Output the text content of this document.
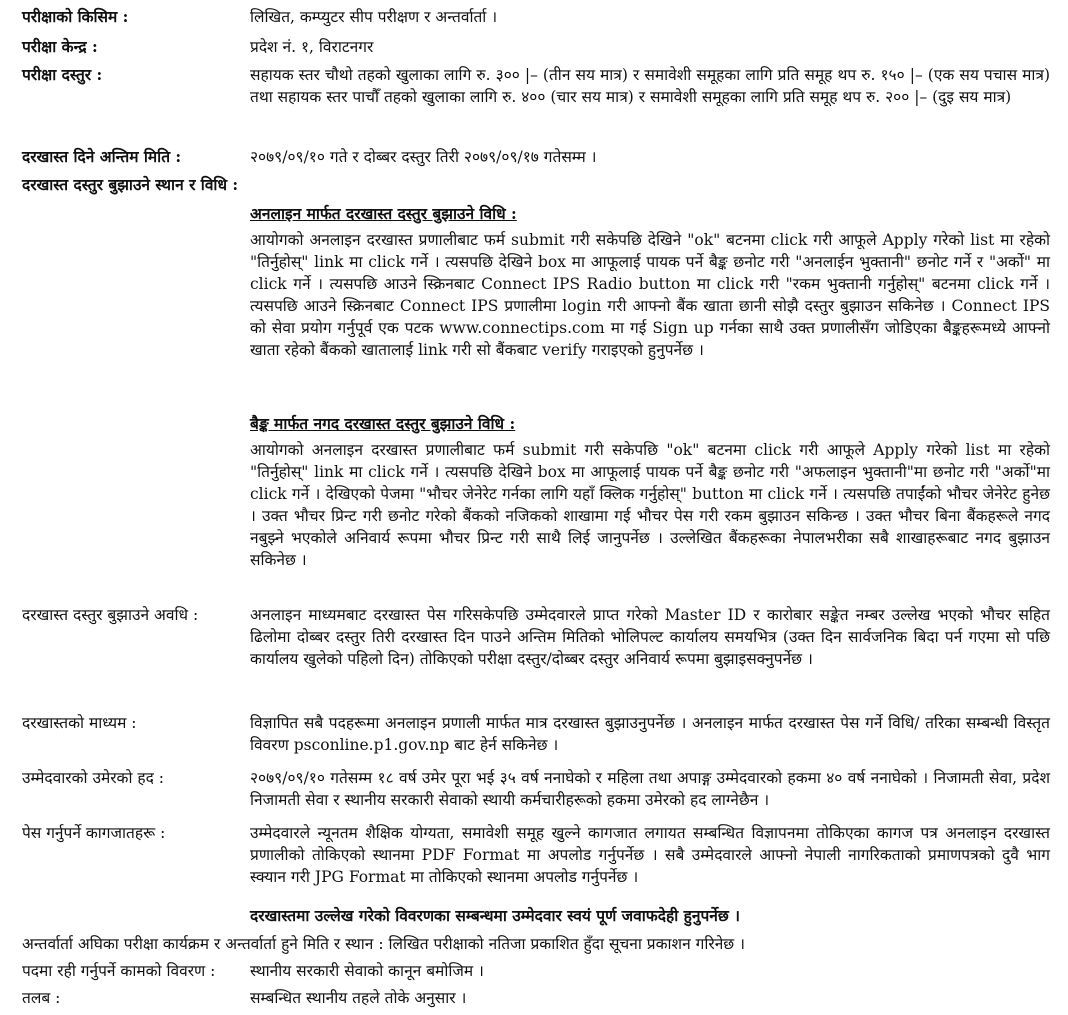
परीक्षाको किसिम :	लिखित, कम्प्युटर सीप परीक्षण र अन्तर्वार्ता ।
परीक्षा केन्द्र :	प्रदेश नं. १, विराटनगर
परीक्षा दस्तुर :	सहायक स्तर चौथो तहको खुलाका लागि रु. ३०० |– (तीन सय मात्र) र समावेशी समूहका लागि प्रति समूह थप रु. १५० |– (एक सय पचास मात्र) तथा सहायक स्तर पाचौँ तहको खुलाका लागि रु. ४०० (चार सय मात्र) र समावेशी समूहका लागि प्रति समूह थप रु. २०० |– (दुइ सय मात्र)
दरखास्त दिने अन्तिम मिति :	२०७९/०९/१० गते र दोब्बर दस्तुर तिरी २०७९/०९/१७ गतेसम्म ।
दरखास्त दस्तुर बुझाउने स्थान र विधि :
अनलाइन मार्फत दरखास्त दस्तुर बुझाउने विधि :
आयोगको अनलाइन दरखास्त प्रणालीबाट फर्म submit गरी सकेपछि देखिने "ok" बटनमा click गरी आफूले Apply गरेको list मा रहेको "तिर्नुहोस्" link मा click गर्ने । त्यसपछि देखिने box मा आफूलाई पायक पर्ने बैङ्क छनोट गरी "अनलाईन भुक्तानी" छनोट गर्ने र "अर्को" मा click गर्ने । त्यसपछि आउने स्क्रिनबाट Connect IPS Radio button मा click गरी "रकम भुक्तानी गर्नुहोस्" बटनमा click गर्ने । त्यसपछि आउने स्क्रिनबाट Connect IPS प्रणालीमा login गरी आफ्नो बैंक खाता छानी सोझै दस्तुर बुझाउन सकिनेछ । Connect IPS को सेवा प्रयोग गर्नुपूर्व एक पटक www.connectips.com मा गई Sign up गर्नका साथै उक्त प्रणालीसँग जोडिएका बैङ्कहरूमध्ये आफ्नो खाता रहेको बैंकको खातालाई link गरी सो बैंकबाट verify गराइएको हुनुपर्नेछ ।
बैङ्क मार्फत नगद दरखास्त दस्तुर बुझाउने विधि :
आयोगको अनलाइन दरखास्त प्रणालीबाट फर्म submit गरी सकेपछि "ok" बटनमा click गरी आफूले Apply गरेको list मा रहेको "तिर्नुहोस्" link मा click गर्ने । त्यसपछि देखिने box मा आफूलाई पायक पर्ने बैङ्क छनोट गरी "अफलाइन भुक्तानी"मा छनोट गरी "अर्को"मा click गर्ने । देखिएको पेजमा "भौचर जेनेरेट गर्नका लागि यहाँ क्लिक गर्नुहोस्" button मा click गर्ने । त्यसपछि तपाईंको भौचर जेनेरेट हुनेछ । उक्त भौचर प्रिन्ट गरी छनोट गरेको बैंकको नजिकको शाखामा गई भौचर पेस गरी रकम बुझाउन सकिन्छ । उक्त भौचर बिना बैंकहरूले नगद नबुझ्ने भएकोले अनिवार्य रूपमा भौचर प्रिन्ट गरी साथै लिई जानुपर्नेछ । उल्लेखित बैंकहरूका नेपालभरीका सबै शाखाहरूबाट नगद बुझाउन सकिनेछ ।
दरखास्त दस्तुर बुझाउने अवधि :	अनलाइन माध्यमबाट दरखास्त पेस गरिसकेपछि उम्मेदवारले प्राप्त गरेको Master ID र कारोबार सङ्केत नम्बर उल्लेख भएको भौचर सहित ढिलोमा दोब्बर दस्तुर तिरी दरखास्त दिन पाउने अन्तिम मितिको भोलिपल्ट कार्यालय समयभित्र (उक्त दिन सार्वजनिक बिदा पर्न गएमा सो पछि कार्यालय खुलेको पहिलो दिन) तोकिएको परीक्षा दस्तुर/दोब्बर दस्तुर अनिवार्य रूपमा बुझाइसक्नुपर्नेछ ।
दरखास्तको माध्यम :	विज्ञापित सबै पदहरूमा अनलाइन प्रणाली मार्फत मात्र दरखास्त बुझाउनुपर्नेछ । अनलाइन मार्फत दरखास्त पेस गर्ने विधि/ तरिका सम्बन्धी विस्तृत विवरण psconline.p1.gov.np बाट हेर्न सकिनेछ ।
उम्मेदवारको उमेरको हद :	२०७९/०९/१० गतेसम्म १८ वर्ष उमेर पूरा भई ३५ वर्ष ननाघेको र महिला तथा अपाङ्ग उम्मेदवारको हकमा ४० वर्ष ननाघेको । निजामती सेवा, प्रदेश निजामती सेवा र स्थानीय सरकारी सेवाको स्थायी कर्मचारीहरूको हकमा उमेरको हद लाग्नेछैन ।
पेस गर्नुपर्ने कागजातहरू :	उम्मेदवारले न्यूनतम शैक्षिक योग्यता, समावेशी समूह खुल्ने कागजात लगायत सम्बन्धित विज्ञापनमा तोकिएका कागज पत्र अनलाइन दरखास्त प्रणालीको तोकिएको स्थानमा PDF Format मा अपलोड गर्नुपर्नेछ । सबै उम्मेदवारले आफ्नो नेपाली नागरिकताको प्रमाणपत्रको दुवै भाग स्क्यान गरी JPG Format मा तोकिएको स्थानमा अपलोड गर्नुपर्नेछ ।
दरखास्तमा उल्लेख गरेको विवरणका सम्बन्धमा उम्मेदवार स्वयं पूर्ण जवाफदेही हुनुपर्नेछ ।
अन्तर्वार्ता अघिका परीक्षा कार्यक्रम र अन्तर्वार्ता हुने मिति र स्थान : लिखित परीक्षाको नतिजा प्रकाशित हुँदा सूचना प्रकाशन गरिनेछ ।
पदमा रही गर्नुपर्ने कामको विवरण :	स्थानीय सरकारी सेवाको कानून बमोजिम ।
तलब :	सम्बन्धित स्थानीय तहले तोके अनुसार ।
